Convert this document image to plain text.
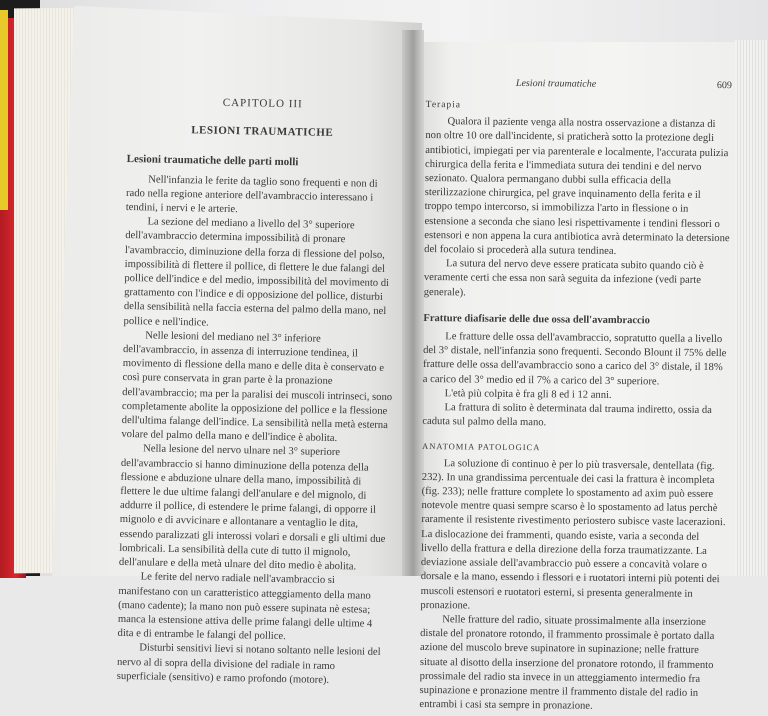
CAPITOLO III
LESIONI TRAUMATICHE
Lesioni traumatiche delle parti molli

Nell'infanzia le ferite da taglio sono frequenti e non di rado nella regione anteriore dell'avambraccio interessano i tendini, i nervi e le arterie.

La sezione del mediano a livello del 3° superiore dell'avambraccio determina impossibilità di pronare l'avambraccio, diminuzione della forza di flessione del polso, impossibilità di flettere il pollice, di flettere le due falangi del pollice dell'indice e del medio, impossibilità del movimento di grattamento con l'indice e di opposizione del pollice, disturbi della sensibilità nella faccia esterna del palmo della mano, nel pollice e nell'indice.

Nelle lesioni del mediano nel 3° inferiore dell'avambraccio, in assenza di interruzione tendinea, il movimento di flessione della mano e delle dita è conservato e così pure conservata in gran parte è la pronazione dell'avambraccio; ma per la paralisi dei muscoli intrinseci, sono completamente abolite la opposizione del pollice e la flessione dell'ultima falange dell'indice. La sensibilità nella metà esterna volare del palmo della mano e dell'indice è abolita.

Nella lesione del nervo ulnare nel 3° superiore dell'avambraccio si hanno diminuzione della potenza della flessione e abduzione ulnare della mano, impossibilità di flettere le due ultime falangi dell'anulare e del mignolo, di addurre il pollice, di estendere le prime falangi, di opporre il mignolo e di avvicinare e allontanare a ventaglio le dita, essendo paralizzati gli interossi volari e dorsali e gli ultimi due lombricali. La sensibilità della cute di tutto il mignolo, dell'anulare e della metà ulnare del dito medio è abolita.

Le ferite del nervo radiale nell'avambraccio si manifestano con un caratteristico atteggiamento della mano (mano cadente); la mano non può essere supinata nè estesa; manca la estensione attiva delle prime falangi delle ultime 4 dita e di entrambe le falangi del pollice.

Disturbi sensitivi lievi si notano soltanto nelle lesioni del nervo al di sopra della divisione del radiale in ramo superficiale (sensitivo) e ramo profondo (motore).

Lesioni traumatiche	609
Terapia

Qualora il paziente venga alla nostra osservazione a distanza di non oltre 10 ore dall'incidente, si praticherà sotto la protezione degli antibiotici, impiegati per via parenterale e localmente, l'accurata pulizia chirurgica della ferita e l'immediata sutura dei tendini e del nervo sezionato. Qualora permangano dubbi sulla efficacia della sterilizzazione chirurgica, pel grave inquinamento della ferita e il troppo tempo intercorso, si immobilizza l'arto in flessione o in estensione a seconda che siano lesi rispettivamente i tendini flessori o estensori e non appena la cura antibiotica avrà determinato la detersione del focolaio si procederà alla sutura tendinea.

La sutura del nervo deve essere praticata subito quando ciò è veramente certi che essa non sarà seguita da infezione (vedi parte generale).

Fratture diafisarie delle due ossa dell'avambraccio

Le fratture delle ossa dell'avambraccio, sopratutto quella a livello del 3° distale, nell'infanzia sono frequenti. Secondo Blount il 75% delle fratture delle ossa dell'avambraccio sono a carico del 3° distale, il 18% a carico del 3° medio ed il 7% a carico del 3° superiore.

L'età più colpita è fra gli 8 ed i 12 anni.

La frattura di solito è determinata dal trauma indiretto, ossia da caduta sul palmo della mano.

ANATOMIA PATOLOGICA

La soluzione di continuo è per lo più trasversale, dentellata (fig. 232). In una grandissima percentuale dei casi la frattura è incompleta (fig. 233); nelle fratture complete lo spostamento ad axim può essere notevole mentre quasi sempre scarso è lo spostamento ad latus perchè raramente il resistente rivestimento periostero subisce vaste lacerazioni. La dislocazione dei frammenti, quando esiste, varia a seconda del livello della frattura e della direzione della forza traumatizzante. La deviazione assiale dell'avambraccio può essere a concavità volare o dorsale e la mano, essendo i flessori e i ruotatori interni più potenti dei muscoli estensori e ruotatori esterni, si presenta generalmente in pronazione.

Nelle fratture del radio, situate prossimalmente alla inserzione distale del pronatore rotondo, il frammento prossimale è portato dalla azione del muscolo breve supinatore in supinazione; nelle fratture situate al disotto della inserzione del pronatore rotondo, il frammento prossimale del radio sta invece in un atteggiamento intermedio fra supinazione e pronazione mentre il frammento distale del radio in entrambi i casi sta sempre in pronazione.
